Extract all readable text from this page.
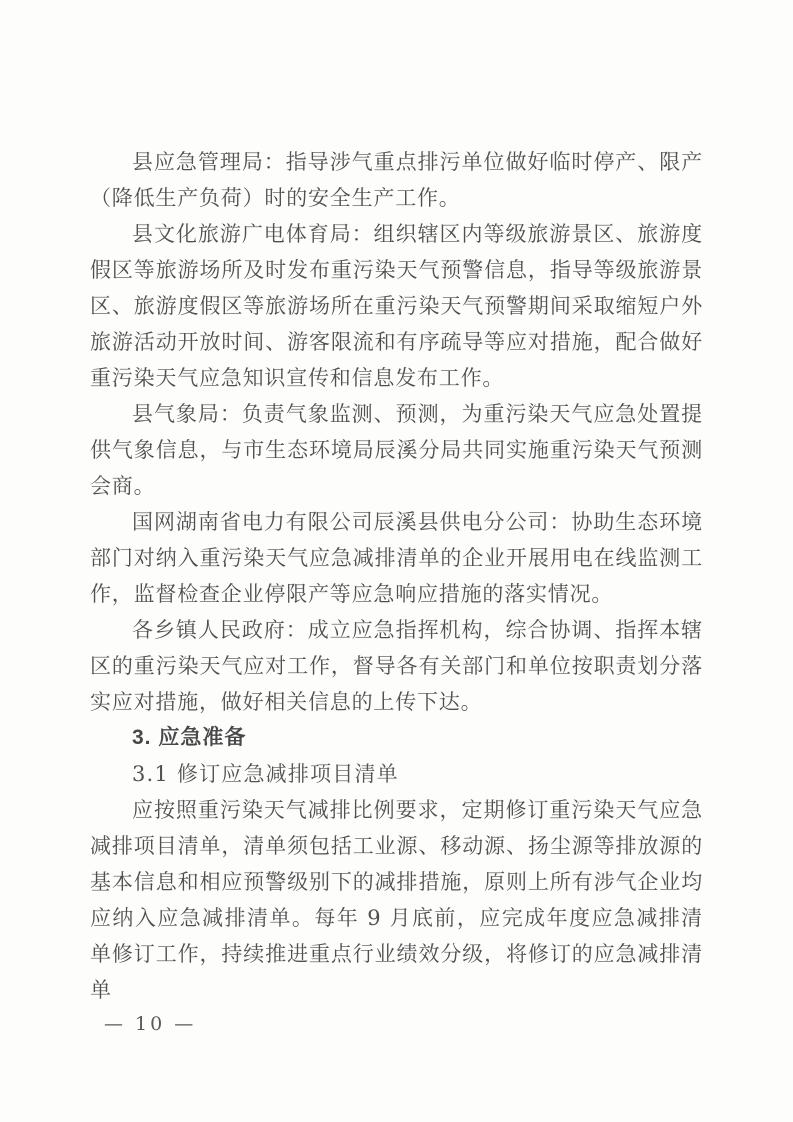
县应急管理局：指导涉气重点排污单位做好临时停产、限产（降低生产负荷）时的安全生产工作。

县文化旅游广电体育局：组织辖区内等级旅游景区、旅游度假区等旅游场所及时发布重污染天气预警信息，指导等级旅游景区、旅游度假区等旅游场所在重污染天气预警期间采取缩短户外旅游活动开放时间、游客限流和有序疏导等应对措施，配合做好重污染天气应急知识宣传和信息发布工作。

县气象局：负责气象监测、预测，为重污染天气应急处置提供气象信息，与市生态环境局辰溪分局共同实施重污染天气预测会商。

国网湖南省电力有限公司辰溪县供电分公司：协助生态环境部门对纳入重污染天气应急减排清单的企业开展用电在线监测工作，监督检查企业停限产等应急响应措施的落实情况。

各乡镇人民政府：成立应急指挥机构，综合协调、指挥本辖区的重污染天气应对工作，督导各有关部门和单位按职责划分落实应对措施，做好相关信息的上传下达。

3. 应急准备
3.1 修订应急减排项目清单

应按照重污染天气减排比例要求，定期修订重污染天气应急减排项目清单，清单须包括工业源、移动源、扬尘源等排放源的基本信息和相应预警级别下的减排措施，原则上所有涉气企业均应纳入应急减排清单。每年 9 月底前，应完成年度应急减排清单修订工作，持续推进重点行业绩效分级，将修订的应急减排清单

— 10 —
